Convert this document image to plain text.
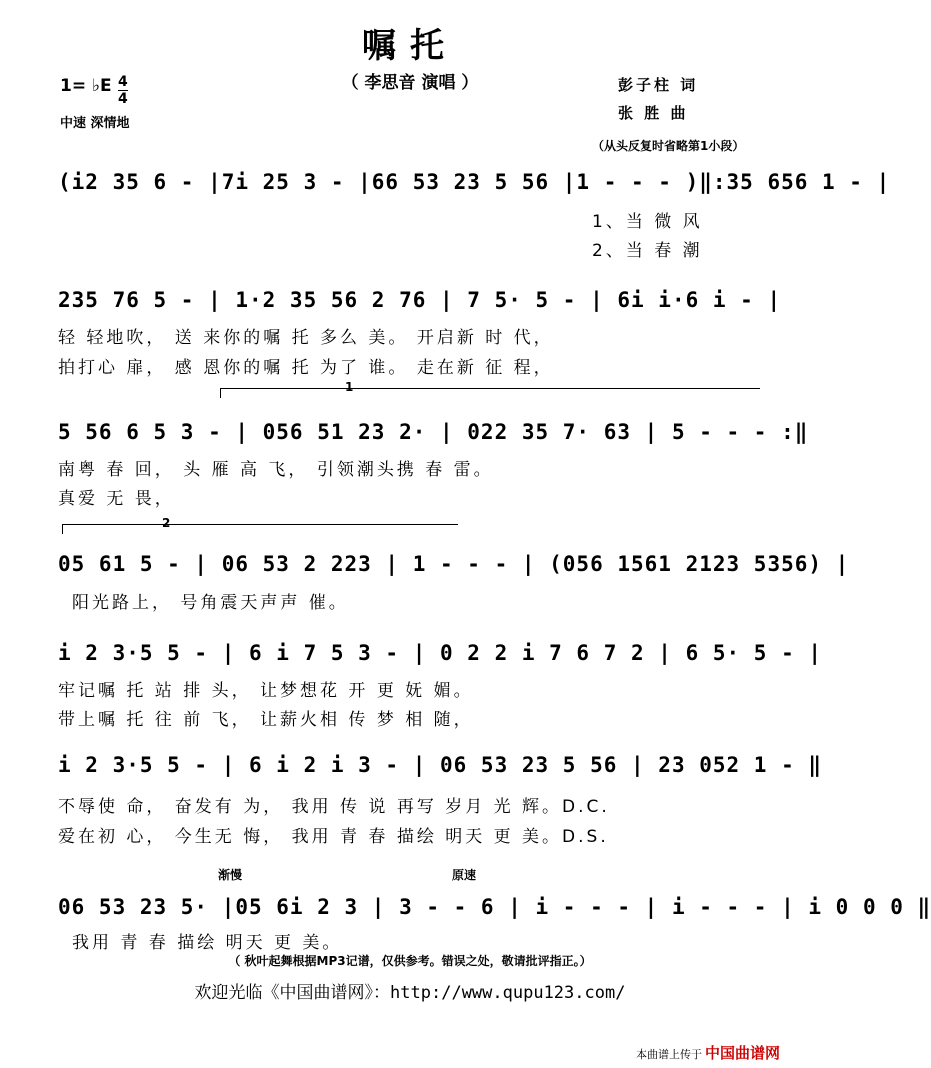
嘱托
（ 李思音 演唱 ）
1= ♭E 4
4
中速 深情地
彭子柱 词
张 胜 曲
（从头反复时省略第1小段）
(i2 35 6 - |7i 25 3 - |66 53 23 5 56 |1 - - - )‖:35 656 1 - |
1、当 微 风
2、当 春 潮
235 76 5 - | 1·2 35 56 2 76 | 7 5· 5 - | 6i i·6 i - |
轻 轻地吹， 送 来你的嘱 托 多么 美。 开启新 时 代，
拍打心 扉， 感 恩你的嘱 托 为了 谁。 走在新 征 程，
1
5 56 6 5 3 - | 056 51 23 2· | 022 35 7· 63 | 5 - - - :‖
南粤 春 回， 头 雁 高 飞， 引领潮头携 春 雷。
真爱 无 畏，
2
05 61 5 - | 06 53 2 223 | 1 - - - | (056 1561 2123 5356) |
阳光路上， 号角震天声声 催。
i 2 3·5 5 - | 6 i 7 5 3 - | 0 2 2 i 7 6 7 2 | 6 5· 5 - |
牢记嘱 托 站 排 头， 让梦想花 开 更 妩 媚。
带上嘱 托 往 前 飞， 让薪火相 传 梦 相 随，
i 2 3·5 5 - | 6 i 2 i 3 - | 06 53 23 5 56 | 23 052 1 - ‖
不辱使 命， 奋发有 为， 我用 传 说 再写 岁月 光 辉。D.C.
爱在初 心， 今生无 悔， 我用 青 春 描绘 明天 更 美。D.S.
渐慢	原速
06 53 23 5· |05 6i 2 3 | 3 - - 6 | i - - - | i - - - | i 0 0 0 ‖
我用 青 春 描绘 明天 更 美。
（ 秋叶起舞根据MP3记谱，仅供参考。错误之处，敬请批评指正。）
欢迎光临《中国曲谱网》：http://www.qupu123.com/
本曲谱上传于 中国曲谱网
